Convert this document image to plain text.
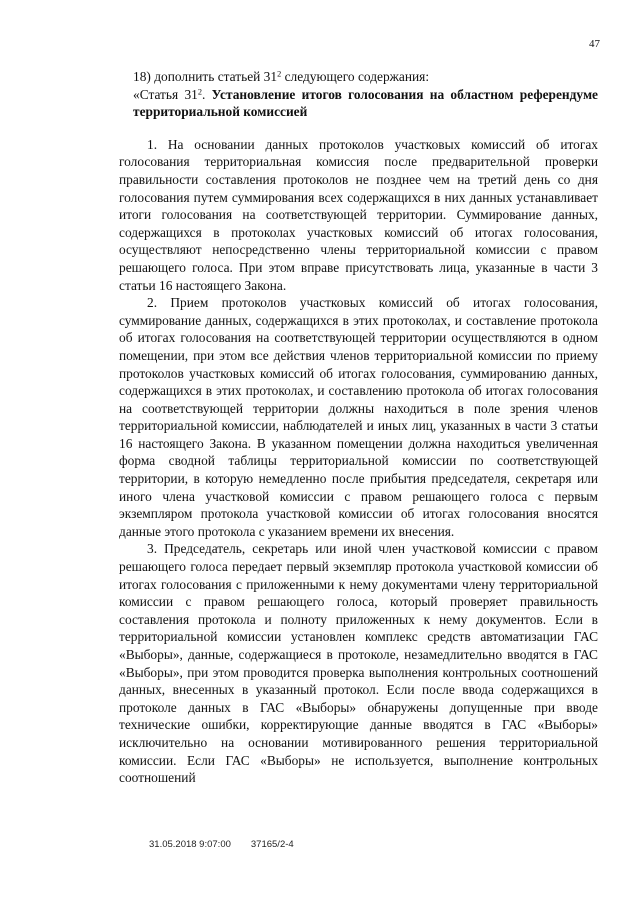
47

18) дополнить статьей $31^2$ следующего содержания:

«Статья $31^2$. Установление итогов голосования на областном референдуме территориальной комиссией

1. На основании данных протоколов участковых комиссий об итогах голосования территориальная комиссия после предварительной проверки правильности составления протоколов не позднее чем на третий день со дня голосования путем суммирования всех содержащихся в них данных устанавливает итоги голосования на соответствующей территории. Суммирование данных, содержащихся в протоколах участковых комиссий об итогах голосования, осуществляют непосредственно члены территориальной комиссии с правом решающего голоса. При этом вправе присутствовать лица, указанные в части 3 статьи 16 настоящего Закона.

2. Прием протоколов участковых комиссий об итогах голосования, суммирование данных, содержащихся в этих протоколах, и составление протокола об итогах голосования на соответствующей территории осуществляются в одном помещении, при этом все действия членов территориальной комиссии по приему протоколов участковых комиссий об итогах голосования, суммированию данных, содержащихся в этих протоколах, и составлению протокола об итогах голосования на соответствующей территории должны находиться в поле зрения членов территориальной комиссии, наблюдателей и иных лиц, указанных в части 3 статьи 16 настоящего Закона. В указанном помещении должна находиться увеличенная форма сводной таблицы территориальной комиссии по соответствующей территории, в которую немедленно после прибытия председателя, секретаря или иного члена участковой комиссии с правом решающего голоса с первым экземпляром протокола участковой комиссии об итогах голосования вносятся данные этого протокола с указанием времени их внесения.

3. Председатель, секретарь или иной член участковой комиссии с правом решающего голоса передает первый экземпляр протокола участковой комиссии об итогах голосования с приложенными к нему документами члену территориальной комиссии с правом решающего голоса, который проверяет правильность составления протокола и полноту приложенных к нему документов. Если в территориальной комиссии установлен комплекс средств автоматизации ГАС «Выборы», данные, содержащиеся в протоколе, незамедлительно вводятся в ГАС «Выборы», при этом проводится проверка выполнения контрольных соотношений данных, внесенных в указанный протокол. Если после ввода содержащихся в протоколе данных в ГАС «Выборы» обнаружены допущенные при вводе технические ошибки, корректирующие данные вводятся в ГАС «Выборы» исключительно на основании мотивированного решения территориальной комиссии. Если ГАС «Выборы» не используется, выполнение контрольных соотношений

31.05.2018 9:07:00 37165/2-4
